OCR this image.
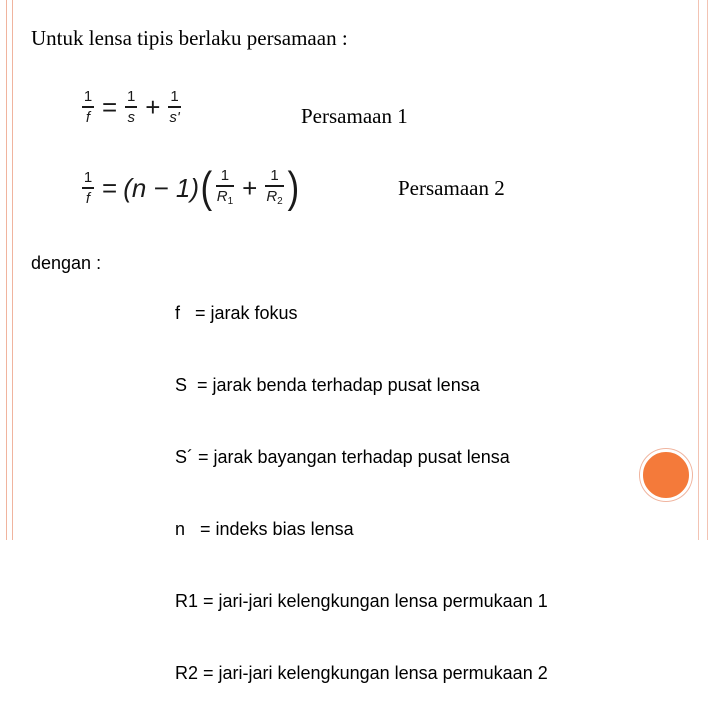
Untuk lensa tipis berlaku persamaan :
$\frac{1}{f} = \frac{1}{s} + \frac{1}{s'}$	Persamaan 1
$\frac{1}{f} = (n - 1)$ ( $\frac{1}{R_1} + \frac{1}{R_2}$ )	Persamaan 2
dengan :

f   = jarak fokus

S  = jarak benda terhadap pusat lensa

S´ = jarak bayangan terhadap pusat lensa

n   = indeks bias lensa

R1 = jari-jari kelengkungan lensa permukaan 1

R2 = jari-jari kelengkungan lensa permukaan 2
